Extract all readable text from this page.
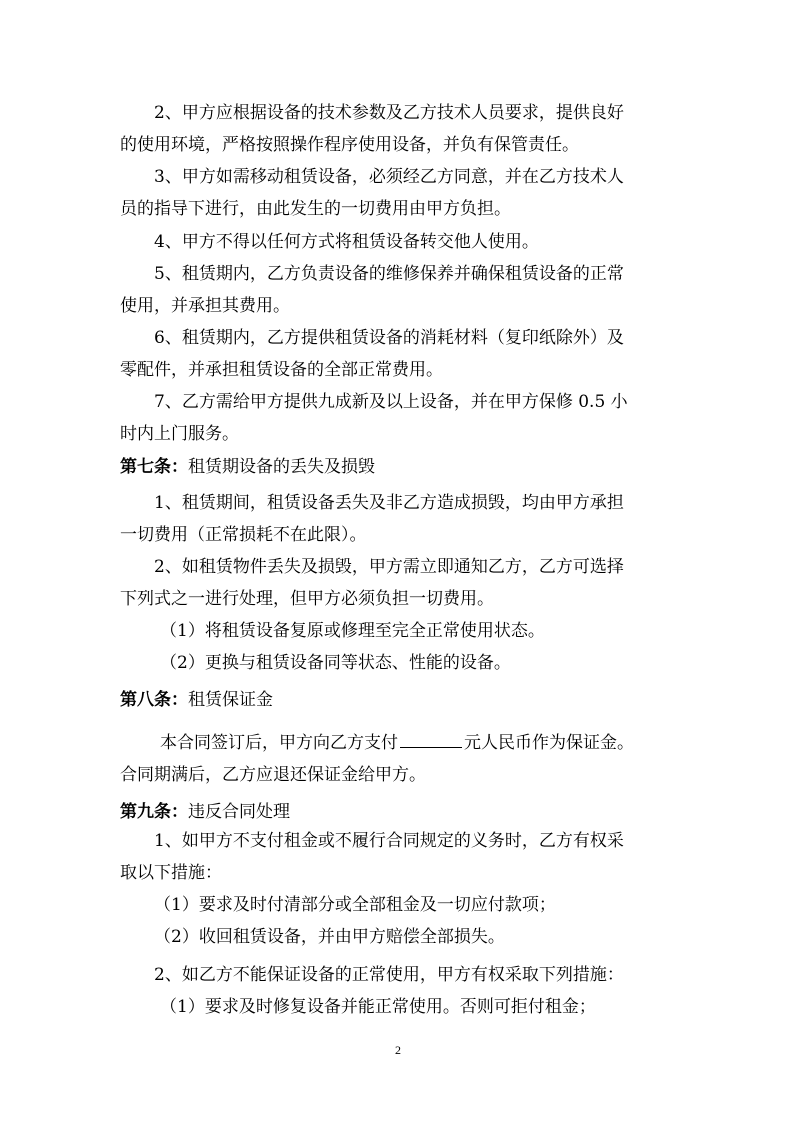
2、甲方应根据设备的技术参数及乙方技术人员要求，提供良好
的使用环境，严格按照操作程序使用设备，并负有保管责任。
3、甲方如需移动租赁设备，必须经乙方同意，并在乙方技术人
员的指导下进行，由此发生的一切费用由甲方负担。
4、甲方不得以任何方式将租赁设备转交他人使用。
5、租赁期内，乙方负责设备的维修保养并确保租赁设备的正常
使用，并承担其费用。
6、租赁期内，乙方提供租赁设备的消耗材料（复印纸除外）及
零配件，并承担租赁设备的全部正常费用。
7、乙方需给甲方提供九成新及以上设备，并在甲方保修 0.5 小
时内上门服务。
第七条：租赁期设备的丢失及损毁
1、租赁期间，租赁设备丢失及非乙方造成损毁，均由甲方承担
一切费用（正常损耗不在此限）。
2、如租赁物件丢失及损毁，甲方需立即通知乙方，乙方可选择
下列式之一进行处理，但甲方必须负担一切费用。
（1）将租赁设备复原或修理至完全正常使用状态。
（2）更换与租赁设备同等状态、性能的设备。
第八条：租赁保证金
本合同签订后，甲方向乙方支付	元人民币作为保证金。
合同期满后，乙方应退还保证金给甲方。
第九条：违反合同处理
1、如甲方不支付租金或不履行合同规定的义务时，乙方有权采
取以下措施：
（1）要求及时付清部分或全部租金及一切应付款项；
（2）收回租赁设备，并由甲方赔偿全部损失。
2、如乙方不能保证设备的正常使用，甲方有权采取下列措施：
（1）要求及时修复设备并能正常使用。否则可拒付租金；
2
